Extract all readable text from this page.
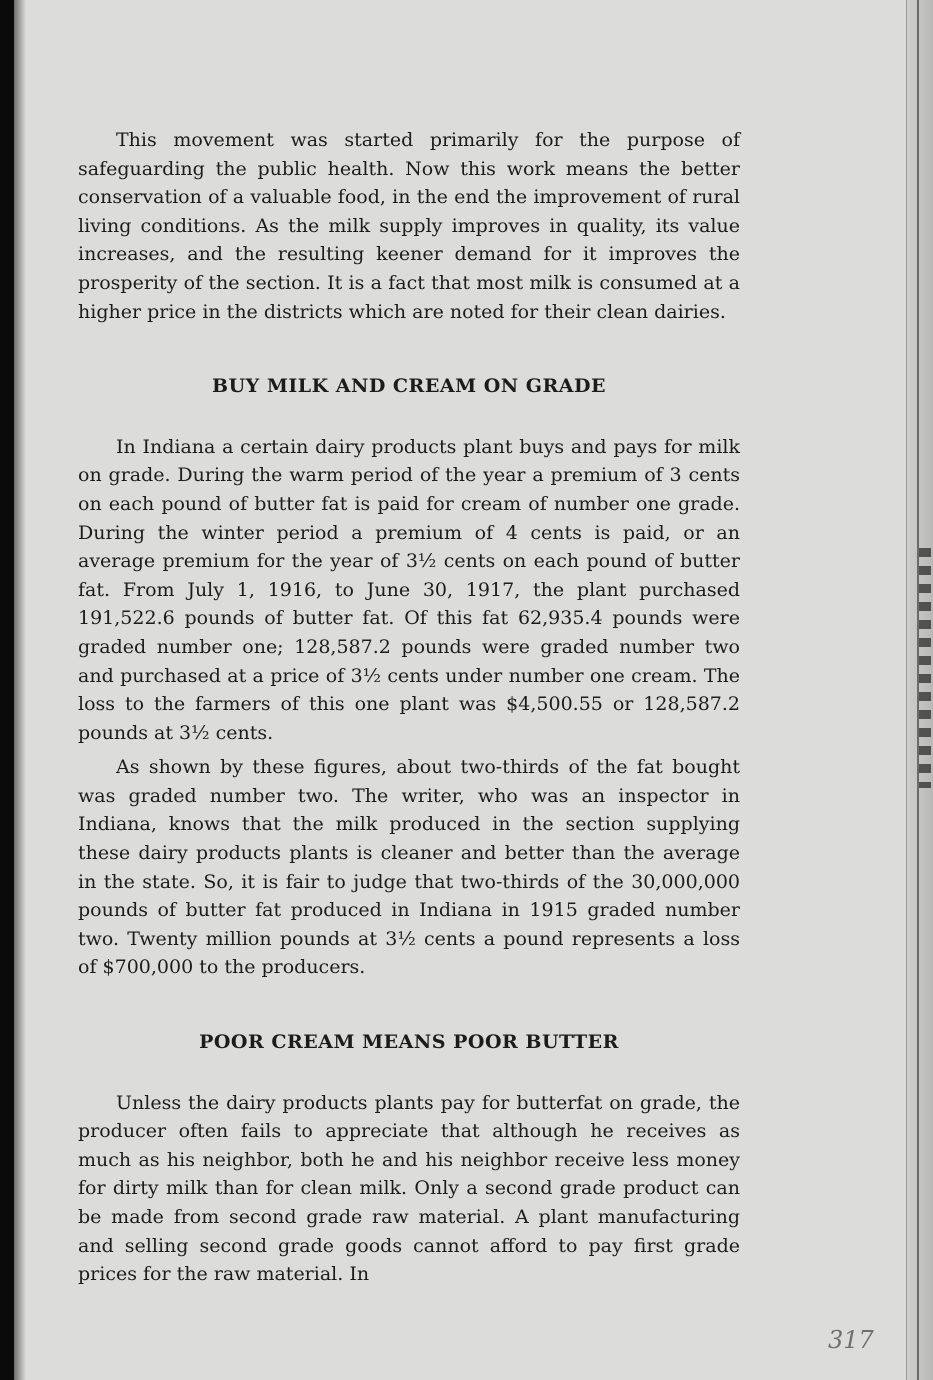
This movement was started primarily for the purpose of safeguarding the public health. Now this work means the better conservation of a valuable food, in the end the improvement of rural living conditions. As the milk supply improves in quality, its value increases, and the resulting keener demand for it improves the prosperity of the section. It is a fact that most milk is consumed at a higher price in the districts which are noted for their clean dairies.

BUY MILK AND CREAM ON GRADE

In Indiana a certain dairy products plant buys and pays for milk on grade. During the warm period of the year a premium of 3 cents on each pound of butter fat is paid for cream of number one grade. During the winter period a premium of 4 cents is paid, or an average premium for the year of 3½ cents on each pound of butter fat. From July 1, 1916, to June 30, 1917, the plant purchased 191,522.6 pounds of butter fat. Of this fat 62,935.4 pounds were graded number one; 128,587.2 pounds were graded number two and purchased at a price of 3½ cents under number one cream. The loss to the farmers of this one plant was $4,500.55 or 128,587.2 pounds at 3½ cents.

As shown by these figures, about two-thirds of the fat bought was graded number two. The writer, who was an inspector in Indiana, knows that the milk produced in the section supplying these dairy products plants is cleaner and better than the average in the state. So, it is fair to judge that two-thirds of the 30,000,000 pounds of butter fat produced in Indiana in 1915 graded number two. Twenty million pounds at 3½ cents a pound represents a loss of $700,000 to the producers.

POOR CREAM MEANS POOR BUTTER

Unless the dairy products plants pay for butterfat on grade, the producer often fails to appreciate that although he receives as much as his neighbor, both he and his neighbor receive less money for dirty milk than for clean milk. Only a second grade product can be made from second grade raw material. A plant manufacturing and selling second grade goods cannot afford to pay first grade prices for the raw material. In

317
